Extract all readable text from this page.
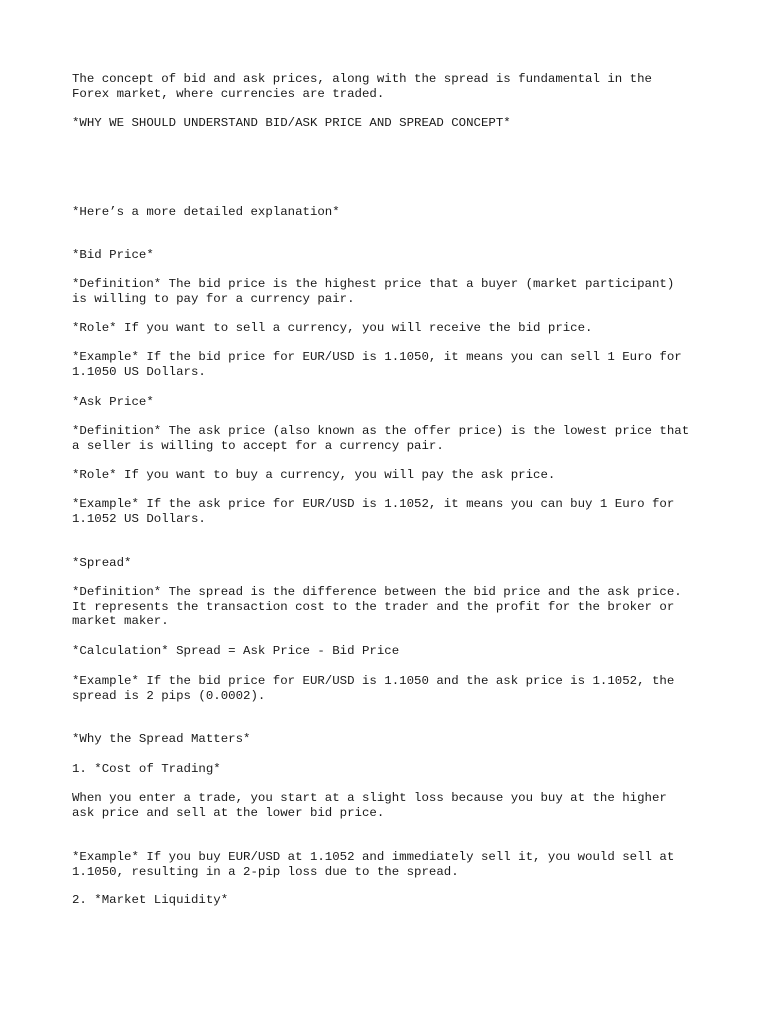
The concept of bid and ask prices, along with the spread is fundamental in the
Forex market, where currencies are traded.

*WHY WE SHOULD UNDERSTAND BID/ASK PRICE AND SPREAD CONCEPT*

*Here’s a more detailed explanation*

*Bid Price*

*Definition* The bid price is the highest price that a buyer (market participant)
is willing to pay for a currency pair.

*Role* If you want to sell a currency, you will receive the bid price.

*Example* If the bid price for EUR/USD is 1.1050, it means you can sell 1 Euro for
1.1050 US Dollars.

*Ask Price*

*Definition* The ask price (also known as the offer price) is the lowest price that
a seller is willing to accept for a currency pair.

*Role* If you want to buy a currency, you will pay the ask price.

*Example* If the ask price for EUR/USD is 1.1052, it means you can buy 1 Euro for
1.1052 US Dollars.

*Spread*

*Definition* The spread is the difference between the bid price and the ask price.
It represents the transaction cost to the trader and the profit for the broker or
market maker.

*Calculation* Spread = Ask Price - Bid Price

*Example* If the bid price for EUR/USD is 1.1050 and the ask price is 1.1052, the
spread is 2 pips (0.0002).

*Why the Spread Matters*

1. *Cost of Trading*

When you enter a trade, you start at a slight loss because you buy at the higher
ask price and sell at the lower bid price.

*Example* If you buy EUR/USD at 1.1052 and immediately sell it, you would sell at
1.1050, resulting in a 2-pip loss due to the spread.

2. *Market Liquidity*
